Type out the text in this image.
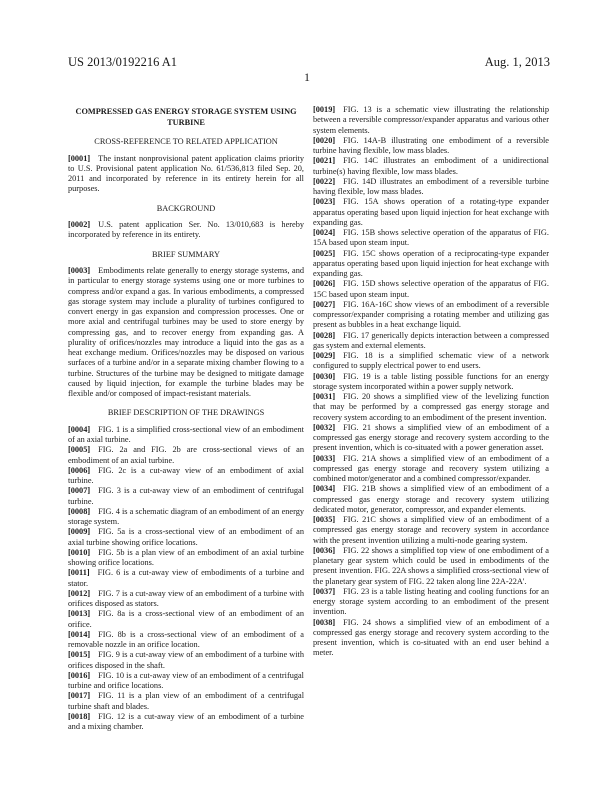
US 2013/0192216 A1	Aug. 1, 2013
1
COMPRESSED GAS ENERGY STORAGE SYSTEM USING TURBINE
CROSS-REFERENCE TO RELATED APPLICATION
[0001] The instant nonprovisional patent application claims priority to U.S. Provisional patent application No. 61/536,813 filed Sep. 20, 2011 and incorporated by reference in its entirety herein for all purposes.
BACKGROUND
[0002] U.S. patent application Ser. No. 13/010,683 is hereby incorporated by reference in its entirety.
BRIEF SUMMARY
[0003] Embodiments relate generally to energy storage systems, and in particular to energy storage systems using one or more turbines to compress and/or expand a gas. In various embodiments, a compressed gas storage system may include a plurality of turbines configured to convert energy in gas expansion and compression processes. One or more axial and centrifugal turbines may be used to store energy by compressing gas, and to recover energy from expanding gas. A plurality of orifices/nozzles may introduce a liquid into the gas as a heat exchange medium. Orifices/nozzles may be disposed on various surfaces of a turbine and/or in a separate mixing chamber flowing to a turbine. Structures of the turbine may be designed to mitigate damage caused by liquid injection, for example the turbine blades may be flexible and/or composed of impact-resistant materials.
BRIEF DESCRIPTION OF THE DRAWINGS
[0004] FIG. 1 is a simplified cross-sectional view of an embodiment of an axial turbine.
[0005] FIG. 2a and FIG. 2b are cross-sectional views of an embodiment of an axial turbine.
[0006] FIG. 2c is a cut-away view of an embodiment of axial turbine.
[0007] FIG. 3 is a cut-away view of an embodiment of centrifugal turbine.
[0008] FIG. 4 is a schematic diagram of an embodiment of an energy storage system.
[0009] FIG. 5a is a cross-sectional view of an embodiment of an axial turbine showing orifice locations.
[0010] FIG. 5b is a plan view of an embodiment of an axial turbine showing orifice locations.
[0011] FIG. 6 is a cut-away view of embodiments of a turbine and stator.
[0012] FIG. 7 is a cut-away view of an embodiment of a turbine with orifices disposed as stators.
[0013] FIG. 8a is a cross-sectional view of an embodiment of an orifice.
[0014] FIG. 8b is a cross-sectional view of an embodiment of a removable nozzle in an orifice location.
[0015] FIG. 9 is a cut-away view of an embodiment of a turbine with orifices disposed in the shaft.
[0016] FIG. 10 is a cut-away view of an embodiment of a centrifugal turbine and orifice locations.
[0017] FIG. 11 is a plan view of an embodiment of a centrifugal turbine shaft and blades.
[0018] FIG. 12 is a cut-away view of an embodiment of a turbine and a mixing chamber.
[0019] FIG. 13 is a schematic view illustrating the relationship between a reversible compressor/expander apparatus and various other system elements.
[0020] FIG. 14A-B illustrating one embodiment of a reversible turbine having flexible, low mass blades.
[0021] FIG. 14C illustrates an embodiment of a unidirectional turbine(s) having flexible, low mass blades.
[0022] FIG. 14D illustrates an embodiment of a reversible turbine having flexible, low mass blades.
[0023] FIG. 15A shows operation of a rotating-type expander apparatus operating based upon liquid injection for heat exchange with expanding gas.
[0024] FIG. 15B shows selective operation of the apparatus of FIG. 15A based upon steam input.
[0025] FIG. 15C shows operation of a reciprocating-type expander apparatus operating based upon liquid injection for heat exchange with expanding gas.
[0026] FIG. 15D shows selective operation of the apparatus of FIG. 15C based upon steam input.
[0027] FIG. 16A-16C show views of an embodiment of a reversible compressor/expander comprising a rotating member and utilizing gas present as bubbles in a heat exchange liquid.
[0028] FIG. 17 generically depicts interaction between a compressed gas system and external elements.
[0029] FIG. 18 is a simplified schematic view of a network configured to supply electrical power to end users.
[0030] FIG. 19 is a table listing possible functions for an energy storage system incorporated within a power supply network.
[0031] FIG. 20 shows a simplified view of the levelizing function that may be performed by a compressed gas energy storage and recovery system according to an embodiment of the present invention.
[0032] FIG. 21 shows a simplified view of an embodiment of a compressed gas energy storage and recovery system according to the present invention, which is co-situated with a power generation asset.
[0033] FIG. 21A shows a simplified view of an embodiment of a compressed gas energy storage and recovery system utilizing a combined motor/generator and a combined compressor/expander.
[0034] FIG. 21B shows a simplified view of an embodiment of a compressed gas energy storage and recovery system utilizing dedicated motor, generator, compressor, and expander elements.
[0035] FIG. 21C shows a simplified view of an embodiment of a compressed gas energy storage and recovery system in accordance with the present invention utilizing a multi-node gearing system.
[0036] FIG. 22 shows a simplified top view of one embodiment of a planetary gear system which could be used in embodiments of the present invention. FIG. 22A shows a simplified cross-sectional view of the planetary gear system of FIG. 22 taken along line 22A-22A'.
[0037] FIG. 23 is a table listing heating and cooling functions for an energy storage system according to an embodiment of the present invention.
[0038] FIG. 24 shows a simplified view of an embodiment of a compressed gas energy storage and recovery system according to the present invention, which is co-situated with an end user behind a meter.
